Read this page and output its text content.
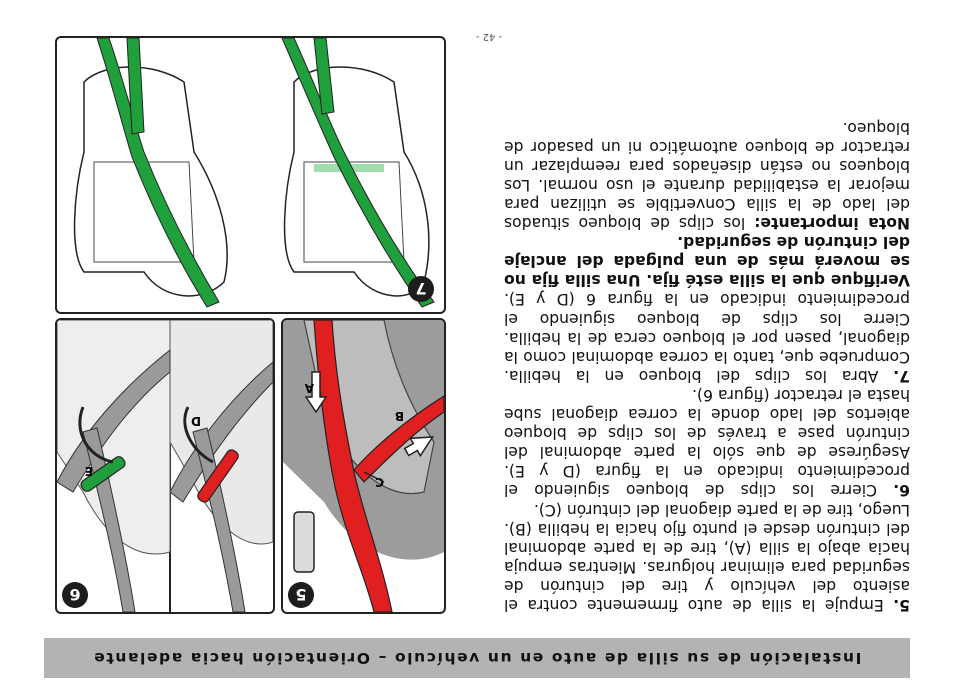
Instalación de su silla de auto en un vehículo – Orientación hacia adelante

5. Empuje la silla de auto firmemente contra el asiento del vehículo y tire del cinturón de seguridad para eliminar holguras. Mientras empuja hacia abajo la silla (A), tire de la parte abdominal del cinturón desde el punto fijo hacia la hebilla (B). Luego, tire de la parte diagonal del cinturón (C).

6. Cierre los clips de bloqueo siguiendo el procedimiento indicado en la figura (D y E). Asegúrese de que sólo la parte abdominal del cinturón pase a través de los clips de bloqueo abiertos del lado donde la correa diagonal sube hasta el retractor (figura 6).

7. Abra los clips del bloqueo en la hebilla. Compruebe que, tanto la correa abdominal como la diagonal, pasen por el bloqueo cerca de la hebilla. Cierre los clips de bloqueo siguiendo el procedimiento indicado en la figura 6 (D y E). Verifique que la silla esté fija. Una silla fija no se moverá más de una pulgada del anclaje del cinturón de seguridad.

Nota importante: los clips de bloqueo situados del lado de la silla Convertible se utilizan para mejorar la estabilidad durante el uso normal. Los bloqueos no están diseñados para reemplazar un retractor de bloqueo automático ni un pasador de bloqueo.

- 42 -
A
B
C
5
D
E
6
7
